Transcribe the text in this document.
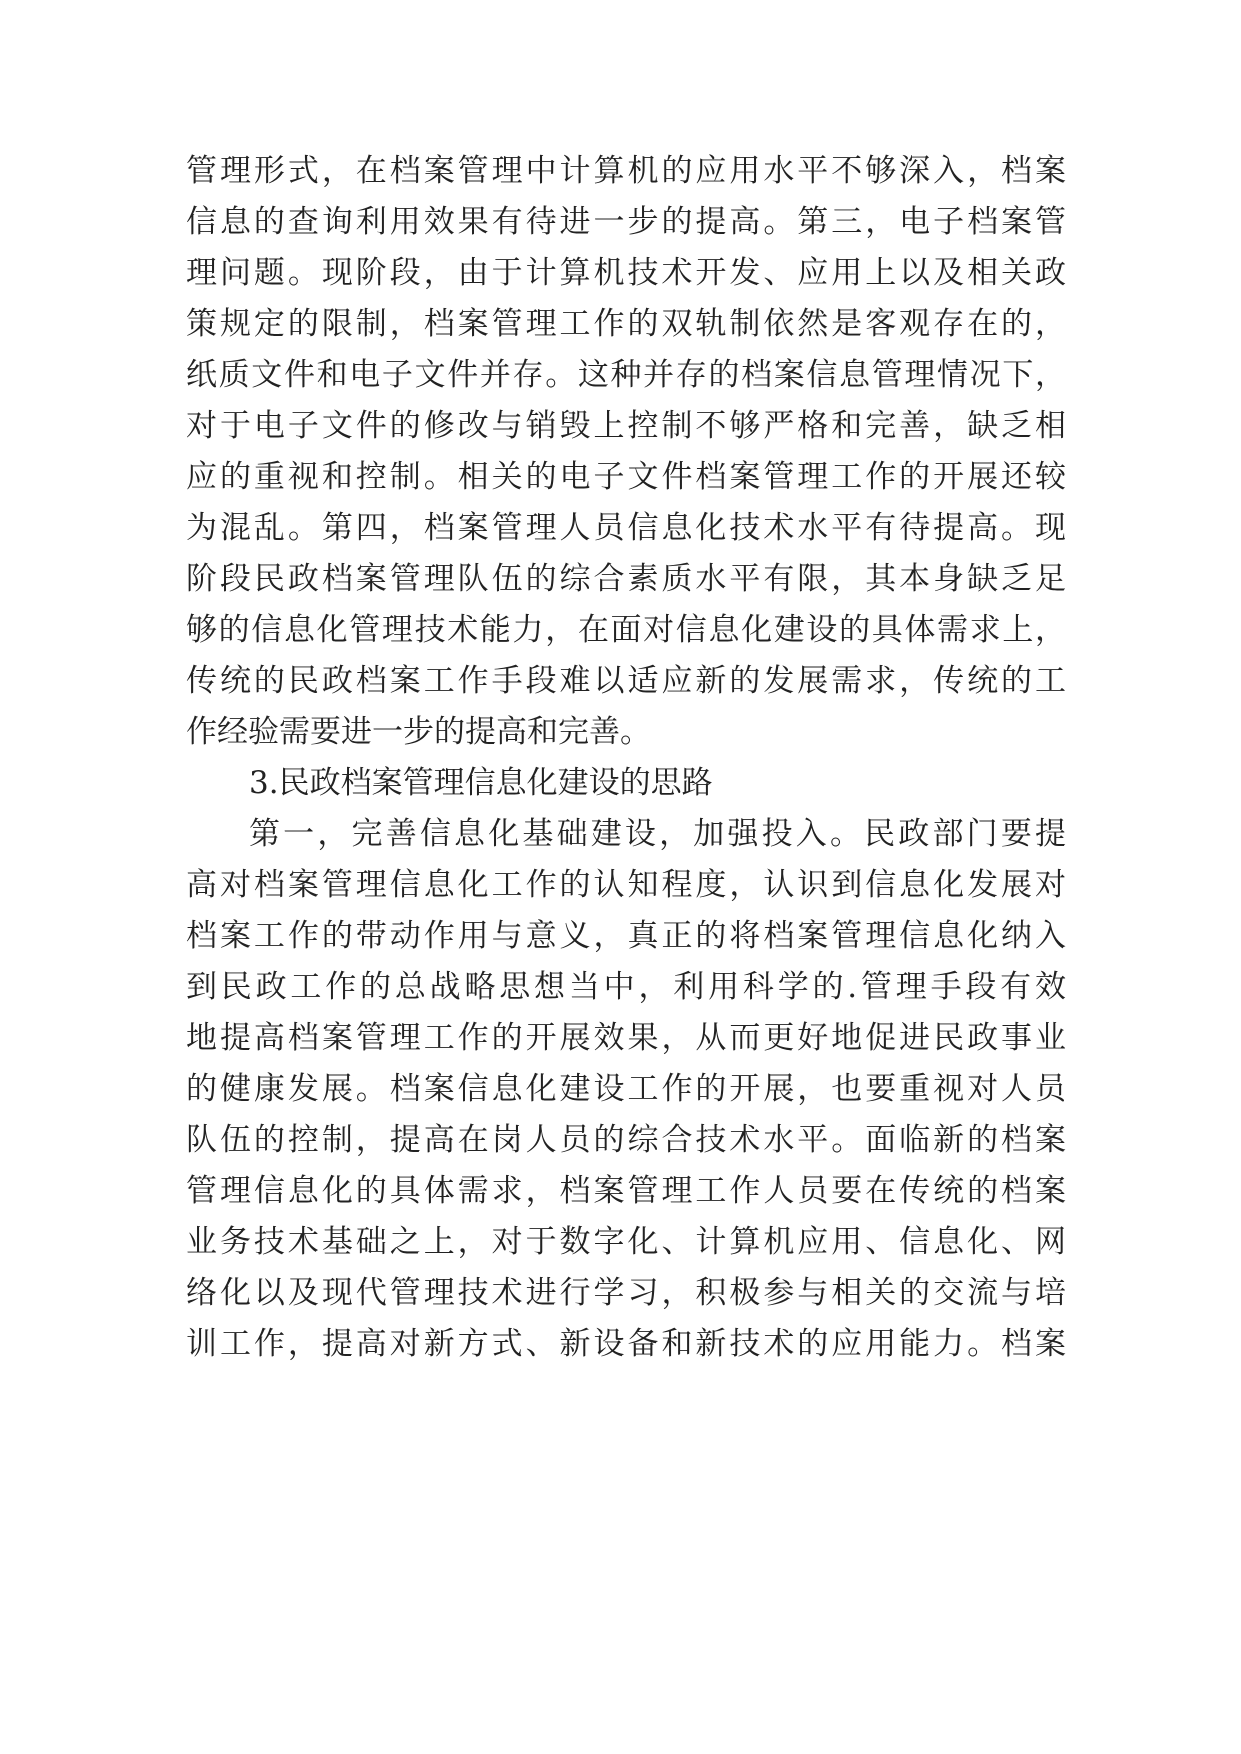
管理形式，在档案管理中计算机的应用水平不够深入，档案
信息的查询利用效果有待进一步的提高。第三，电子档案管
理问题。现阶段，由于计算机技术开发、应用上以及相关政
策规定的限制，档案管理工作的双轨制依然是客观存在的，
纸质文件和电子文件并存。这种并存的档案信息管理情况下，
对于电子文件的修改与销毁上控制不够严格和完善，缺乏相
应的重视和控制。相关的电子文件档案管理工作的开展还较
为混乱。第四，档案管理人员信息化技术水平有待提高。现
阶段民政档案管理队伍的综合素质水平有限，其本身缺乏足
够的信息化管理技术能力，在面对信息化建设的具体需求上，
传统的民政档案工作手段难以适应新的发展需求，传统的工
作经验需要进一步的提高和完善。
3.民政档案管理信息化建设的思路
第一，完善信息化基础建设，加强投入。民政部门要提
高对档案管理信息化工作的认知程度，认识到信息化发展对
档案工作的带动作用与意义，真正的将档案管理信息化纳入
到民政工作的总战略思想当中，利用科学的.管理手段有效
地提高档案管理工作的开展效果，从而更好地促进民政事业
的健康发展。档案信息化建设工作的开展，也要重视对人员
队伍的控制，提高在岗人员的综合技术水平。面临新的档案
管理信息化的具体需求，档案管理工作人员要在传统的档案
业务技术基础之上，对于数字化、计算机应用、信息化、网
络化以及现代管理技术进行学习，积极参与相关的交流与培
训工作，提高对新方式、新设备和新技术的应用能力。档案
